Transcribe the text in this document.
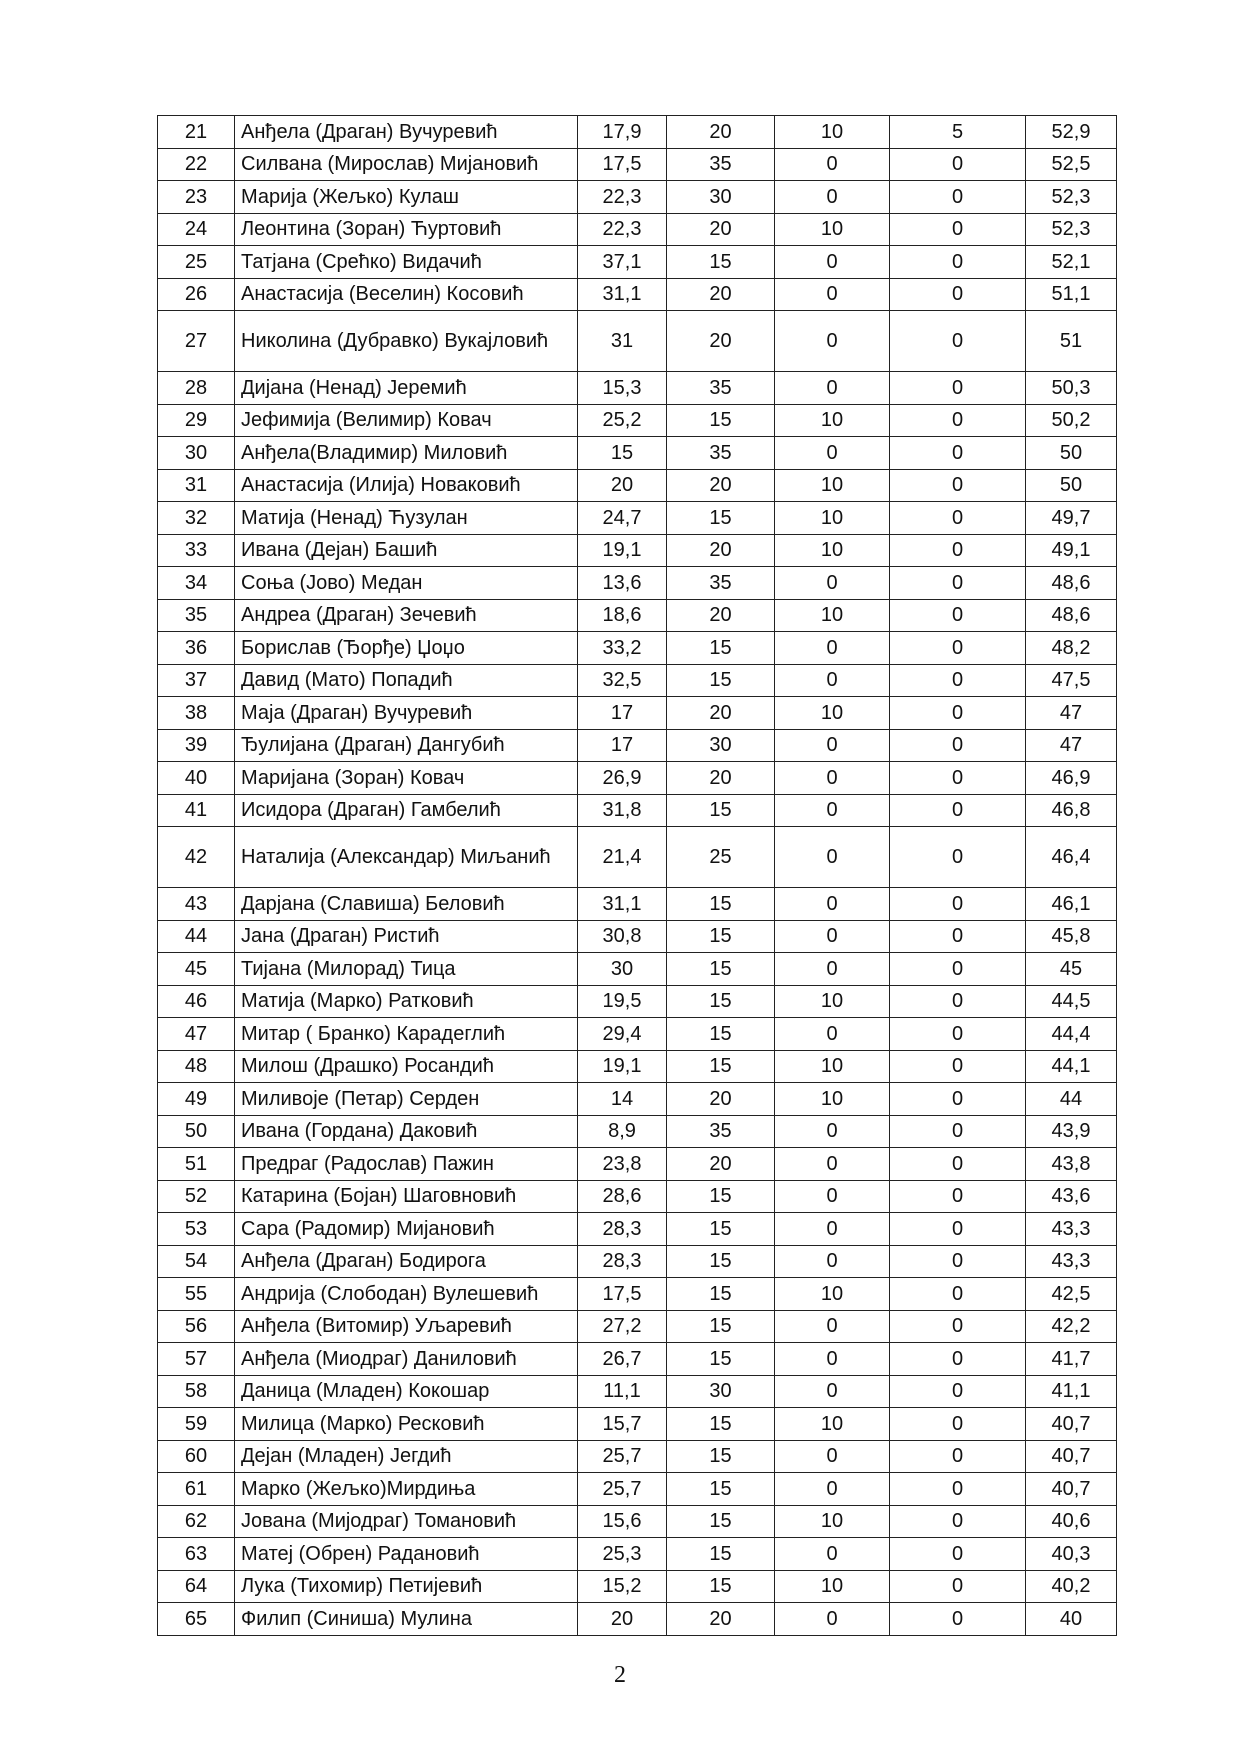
21	Анђела (Драган) Вучуревић	17,9	20	10	5	52,9
22	Силвана (Мирослав) Мијановић	17,5	35	0	0	52,5
23	Марија (Жељко) Кулаш	22,3	30	0	0	52,3
24	Леонтина (Зоран) Ћуртовић	22,3	20	10	0	52,3
25	Татјана (Срећко) Видачић	37,1	15	0	0	52,1
26	Анастасија (Веселин) Косовић	31,1	20	0	0	51,1
27	Николина (Дубравко) Вукајловић	31	20	0	0	51
28	Дијана (Ненад) Јеремић	15,3	35	0	0	50,3
29	Јефимија (Велимир) Ковач	25,2	15	10	0	50,2
30	Анђела(Владимир) Миловић	15	35	0	0	50
31	Анастасија (Илија) Новаковић	20	20	10	0	50
32	Матија (Ненад) Ћузулан	24,7	15	10	0	49,7
33	Ивана (Дејан) Башић	19,1	20	10	0	49,1
34	Соња (Јово) Медан	13,6	35	0	0	48,6
35	Андреа (Драган) Зечевић	18,6	20	10	0	48,6
36	Борислав (Ђорђе) Џоџо	33,2	15	0	0	48,2
37	Давид (Мато) Попадић	32,5	15	0	0	47,5
38	Маја (Драган) Вучуревић	17	20	10	0	47
39	Ђулијана (Драган) Дангубић	17	30	0	0	47
40	Маријана (Зоран) Ковач	26,9	20	0	0	46,9
41	Исидора (Драган) Гамбелић	31,8	15	0	0	46,8
42	Наталија (Александар) Миљанић	21,4	25	0	0	46,4
43	Дарјана (Славиша) Беловић	31,1	15	0	0	46,1
44	Јана (Драган) Ристић	30,8	15	0	0	45,8
45	Тијана (Милорад) Тица	30	15	0	0	45
46	Матија (Марко) Ратковић	19,5	15	10	0	44,5
47	Митар ( Бранко) Карадеглић	29,4	15	0	0	44,4
48	Милош (Драшко) Росандић	19,1	15	10	0	44,1
49	Миливоје (Петар) Серден	14	20	10	0	44
50	Ивана (Гордана) Даковић	8,9	35	0	0	43,9
51	Предраг (Радослав) Пажин	23,8	20	0	0	43,8
52	Катарина (Бојан) Шаговновић	28,6	15	0	0	43,6
53	Сара (Радомир) Мијановић	28,3	15	0	0	43,3
54	Анђела (Драган) Бодирога	28,3	15	0	0	43,3
55	Андрија (Слободан) Вулешевић	17,5	15	10	0	42,5
56	Анђела (Витомир) Уљаревић	27,2	15	0	0	42,2
57	Анђела (Миодраг) Даниловић	26,7	15	0	0	41,7
58	Даница (Младен) Кокошар	11,1	30	0	0	41,1
59	Милица (Марко) Ресковић	15,7	15	10	0	40,7
60	Дејан (Младен) Јегдић	25,7	15	0	0	40,7
61	Марко (Жељко)Мирдиња	25,7	15	0	0	40,7
62	Јована (Мијодраг) Томановић	15,6	15	10	0	40,6
63	Матеј (Обрен) Радановић	25,3	15	0	0	40,3
64	Лука (Тихомир) Петијевић	15,2	15	10	0	40,2
65	Филип (Синиша) Мулина	20	20	0	0	40
2
